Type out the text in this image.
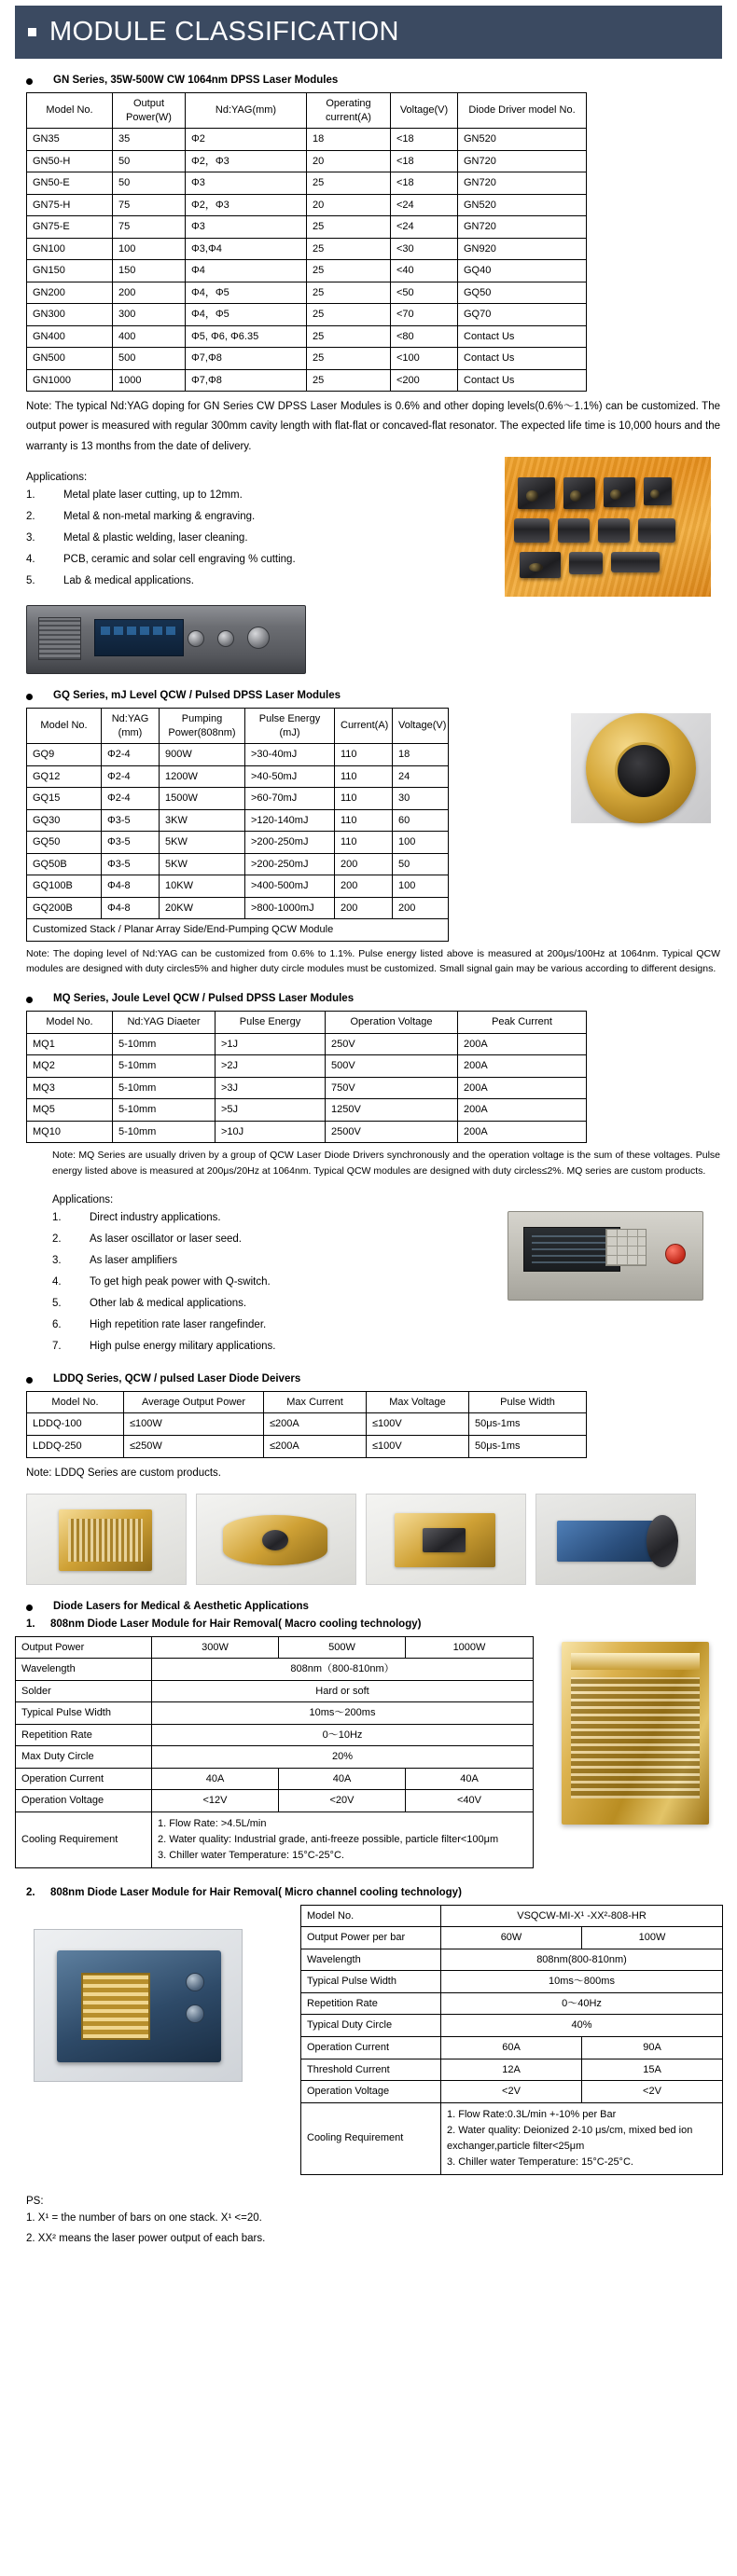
MODULE CLASSIFICATION
GN Series, 35W-500W CW 1064nm DPSS Laser Modules
Model No.	Output Power(W)	Nd:YAG(mm)	Operating current(A)	Voltage(V)	Diode Driver model No.
GN35	35	Φ2	18	<18	GN520
GN50-H	50	Φ2，Φ3	20	<18	GN720
GN50-E	50	Φ3	25	<18	GN720
GN75-H	75	Φ2，Φ3	20	<24	GN520
GN75-E	75	Φ3	25	<24	GN720
GN100	100	Φ3,Φ4	25	<30	GN920
GN150	150	Φ4	25	<40	GQ40
GN200	200	Φ4，Φ5	25	<50	GQ50
GN300	300	Φ4，Φ5	25	<70	GQ70
GN400	400	Φ5, Φ6, Φ6.35	25	<80	Contact Us
GN500	500	Φ7,Φ8	25	<100	Contact Us
GN1000	1000	Φ7,Φ8	25	<200	Contact Us
Note: The typical Nd:YAG doping for GN Series CW DPSS Laser Modules is 0.6% and other doping levels(0.6%～1.1%) can be customized. The output power is measured with regular 300mm cavity length with flat-flat or concaved-flat resonator. The expected life time is 10,000 hours and the warranty is 13 months from the date of delivery.
Applications:
1.	Metal plate laser cutting, up to 12mm.
2.	Metal & non-metal marking & engraving.
3.	Metal & plastic welding, laser cleaning.
4.	PCB, ceramic and solar cell engraving % cutting.
5.	Lab & medical applications.
GQ Series, mJ Level QCW / Pulsed DPSS Laser Modules
Model No.	Nd:YAG (mm)	Pumping Power(808nm)	Pulse Energy (mJ)	Current(A)	Voltage(V)
GQ9	Φ2-4	900W	>30-40mJ	110	18
GQ12	Φ2-4	1200W	>40-50mJ	110	24
GQ15	Φ2-4	1500W	>60-70mJ	110	30
GQ30	Φ3-5	3KW	>120-140mJ	110	60
GQ50	Φ3-5	5KW	>200-250mJ	110	100
GQ50B	Φ3-5	5KW	>200-250mJ	200	50
GQ100B	Φ4-8	10KW	>400-500mJ	200	100
GQ200B	Φ4-8	20KW	>800-1000mJ	200	200
Customized Stack / Planar Array Side/End-Pumping QCW Module					
Note: The doping level of Nd:YAG can be customized from 0.6% to 1.1%. Pulse energy listed above is measured at 200μs/100Hz at 1064nm. Typical QCW modules are designed with duty circles5% and higher duty circle modules must be customized. Small signal gain may be various according to different designs.
MQ Series, Joule Level QCW / Pulsed DPSS Laser Modules
Model No.	Nd:YAG Diaeter	Pulse Energy	Operation Voltage	Peak Current
MQ1	5-10mm	>1J	250V	200A
MQ2	5-10mm	>2J	500V	200A
MQ3	5-10mm	>3J	750V	200A
MQ5	5-10mm	>5J	1250V	200A
MQ10	5-10mm	>10J	2500V	200A
Note: MQ Series are usually driven by a group of QCW Laser Diode Drivers synchronously and the operation voltage is the sum of these voltages. Pulse energy listed above is measured at 200μs/20Hz at 1064nm. Typical QCW modules are designed with duty circles≤2%. MQ series are custom products.
Applications:
1.	Direct industry applications.
2.	As laser oscillator or laser seed.
3.	As laser amplifiers
4.	To get high peak power with Q-switch.
5.	Other lab & medical applications.
6.	High repetition rate laser rangefinder.
7.	High pulse energy military applications.
LDDQ Series, QCW / pulsed Laser Diode Deivers
Model No.	Average Output Power	Max Current	Max Voltage	Pulse Width
LDDQ-100	≤100W	≤200A	≤100V	50μs-1ms
LDDQ-250	≤250W	≤200A	≤100V	50μs-1ms
Note: LDDQ Series are custom products.
Diode Lasers for Medical & Aesthetic Applications
1.	808nm Diode Laser Module for Hair Removal( Macro cooling technology)
Output Power	300W	500W	1000W
Wavelength	808nm（800-810nm）		
Solder	Hard or soft		
Typical Pulse Width	10ms～200ms		
Repetition Rate	0～10Hz		
Max Duty Circle	20%		
Operation Current	40A	40A	40A
Operation Voltage	<12V	<20V	<40V
Cooling Requirement	1. Flow Rate: >4.5L/min
2. Water quality: Industrial grade, anti-freeze possible, particle filter<100μm
3. Chiller water Temperature: 15°C-25°C.		
2.	808nm Diode Laser Module for Hair Removal( Micro channel cooling technology)
Model No.	VSQCW-MI-X¹ -XX²-808-HR	
Output Power per bar	60W	100W
Wavelength	808nm(800-810nm)	
Typical Pulse Width	10ms～800ms	
Repetition Rate	0～40Hz	
Typical Duty Circle	40%	
Operation Current	60A	90A
Threshold Current	12A	15A
Operation Voltage	<2V	<2V
Cooling Requirement	1. Flow Rate:0.3L/min +-10% per Bar
2. Water quality: Deionized 2-10 μs/cm, mixed bed ion exchanger,particle filter<25μm
3. Chiller water Temperature: 15°C-25°C.	
PS:
1. X¹ = the number of bars on one stack. X¹ <=20.
2. XX² means the laser power output of each bars.
